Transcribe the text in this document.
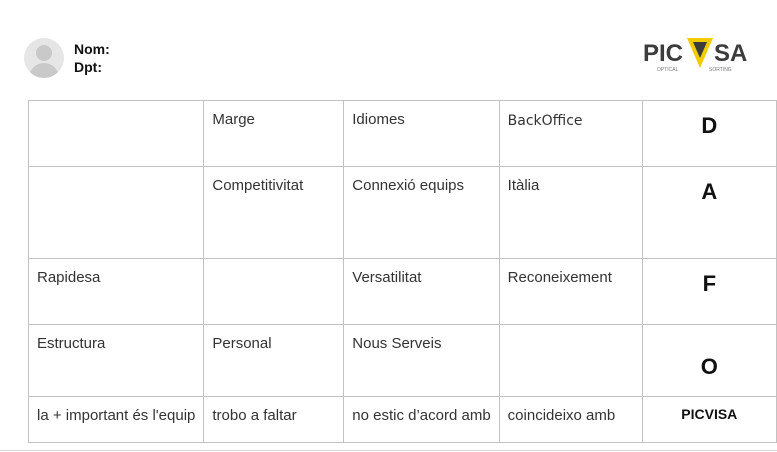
Nom:
Dpt:	PIC SA
OPTICAL	SORTING
	Marge	Idiomes	BackOffice	D
	Competitivitat	Connexió equips	Itàlia	A
Rapidesa		Versatilitat	Reconeixement	F
Estructura	Personal	Nous Serveis		O
la + important és l'equip	trobo a faltar	no estic d’acord amb	coincideixo amb	PICVISA
